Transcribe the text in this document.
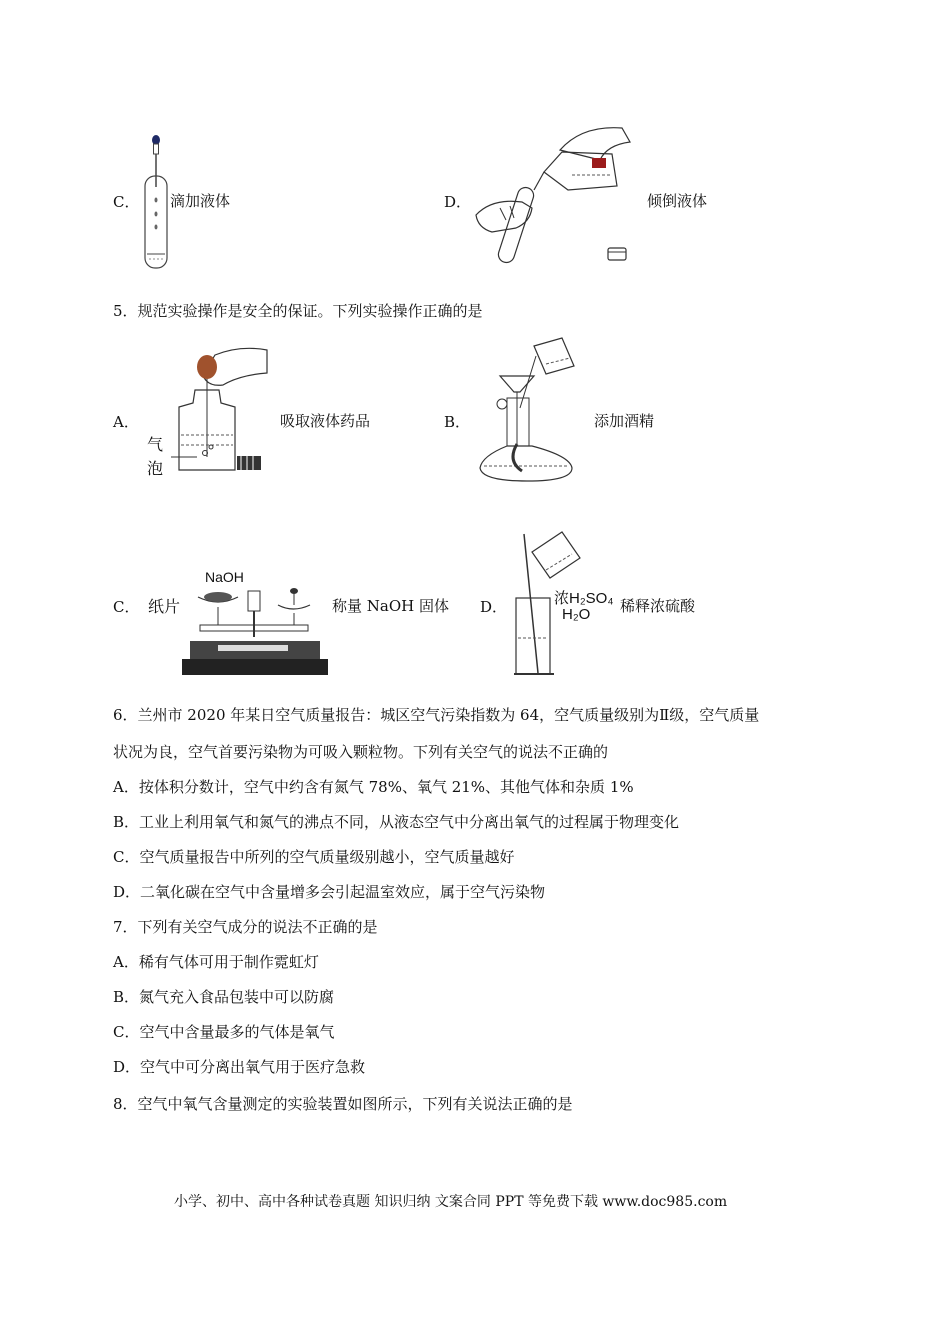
C． 滴加液体	D．	倾倒液体
5．规范实验操作是安全的保证。下列实验操作正确的是
A．
气
泡
吸取液体药品	B．	添加酒精
C．
NaOH
纸片	称量 NaOH 固体 D．	浓H₂SO₄
H₂O 稀释浓硫酸
6．兰州市 2020 年某日空气质量报告：城区空气污染指数为 64，空气质量级别为Ⅱ级，空气质量
状况为良，空气首要污染物为可吸入颗粒物。下列有关空气的说法不正确的
A．按体积分数计，空气中约含有氮气 78%、氧气 21%、其他气体和杂质 1%
B．工业上利用氧气和氮气的沸点不同，从液态空气中分离出氧气的过程属于物理变化
C．空气质量报告中所列的空气质量级别越小，空气质量越好
D．二氧化碳在空气中含量增多会引起温室效应，属于空气污染物
7．下列有关空气成分的说法不正确的是
A．稀有气体可用于制作霓虹灯
B．氮气充入食品包装中可以防腐
C．空气中含量最多的气体是氧气
D．空气中可分离出氧气用于医疗急救
8．空气中氧气含量测定的实验装置如图所示，下列有关说法正确的是
小学、初中、高中各种试卷真题 知识归纳 文案合同 PPT 等免费下载 www.doc985.com
